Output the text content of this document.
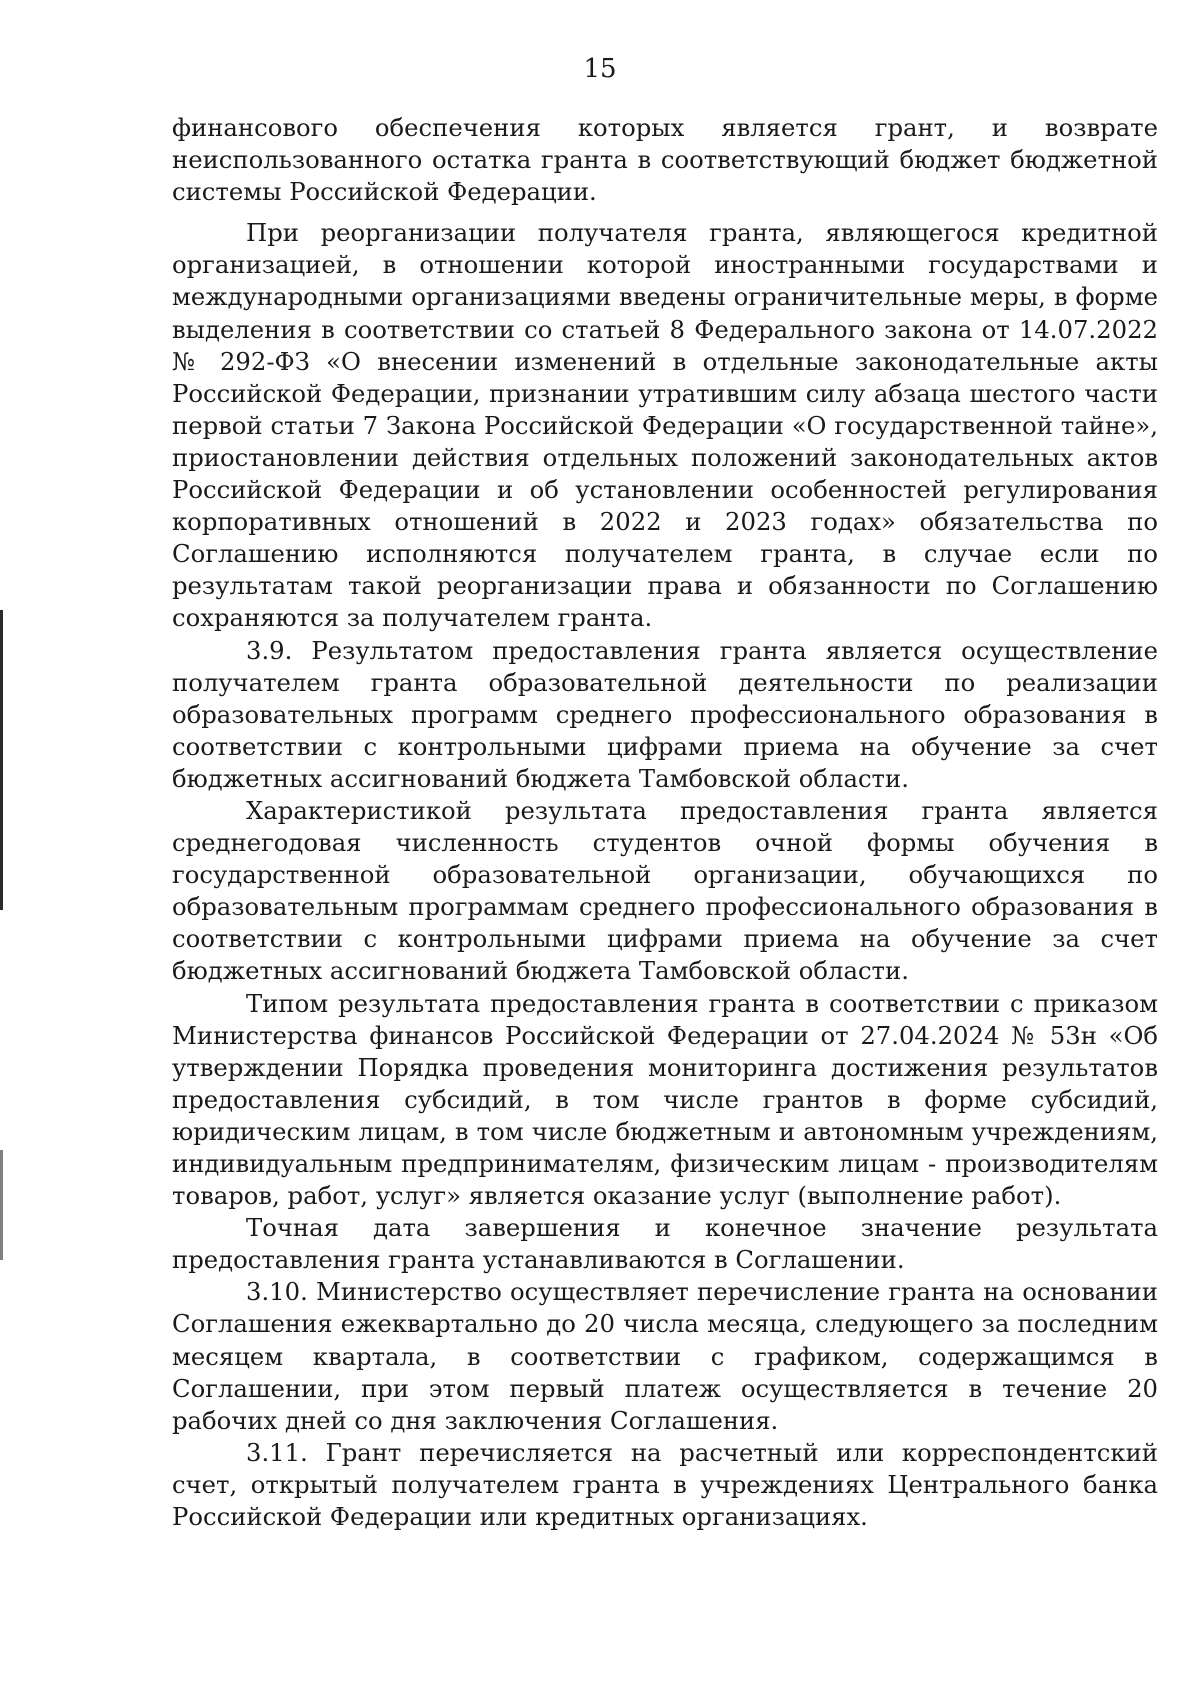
15

финансового обеспечения которых является грант, и возврате неиспользованного остатка гранта в соответствующий бюджет бюджетной системы Российской Федерации.

При реорганизации получателя гранта, являющегося кредитной организацией, в отношении которой иностранными государствами и международными организациями введены ограничительные меры, в форме выделения в соответствии со статьей 8 Федерального закона от 14.07.2022 № 292-ФЗ «О внесении изменений в отдельные законодательные акты Российской Федерации, признании утратившим силу абзаца шестого части первой статьи 7 Закона Российской Федерации «О государственной тайне», приостановлении действия отдельных положений законодательных актов Российской Федерации и об установлении особенностей регулирования корпоративных отношений в 2022 и 2023 годах» обязательства по Соглашению исполняются получателем гранта, в случае если по результатам такой реорганизации права и обязанности по Соглашению сохраняются за получателем гранта.

3.9. Результатом предоставления гранта является осуществление получателем гранта образовательной деятельности по реализации образовательных программ среднего профессионального образования в соответствии с контрольными цифрами приема на обучение за счет бюджетных ассигнований бюджета Тамбовской области.

Характеристикой результата предоставления гранта является среднегодовая численность студентов очной формы обучения в государственной образовательной организации, обучающихся по образовательным программам среднего профессионального образования в соответствии с контрольными цифрами приема на обучение за счет бюджетных ассигнований бюджета Тамбовской области.

Типом результата предоставления гранта в соответствии с приказом Министерства финансов Российской Федерации от 27.04.2024 № 53н «Об утверждении Порядка проведения мониторинга достижения результатов предоставления субсидий, в том числе грантов в форме субсидий, юридическим лицам, в том числе бюджетным и автономным учреждениям, индивидуальным предпринимателям, физическим лицам - производителям товаров, работ, услуг» является оказание услуг (выполнение работ).

Точная дата завершения и конечное значение результата предоставления гранта устанавливаются в Соглашении.

3.10. Министерство осуществляет перечисление гранта на основании Соглашения ежеквартально до 20 числа месяца, следующего за последним месяцем квартала, в соответствии с графиком, содержащимся в Соглашении, при этом первый платеж осуществляется в течение 20 рабочих дней со дня заключения Соглашения.

3.11. Грант перечисляется на расчетный или корреспондентский счет, открытый получателем гранта в учреждениях Центрального банка Российской Федерации или кредитных организациях.
